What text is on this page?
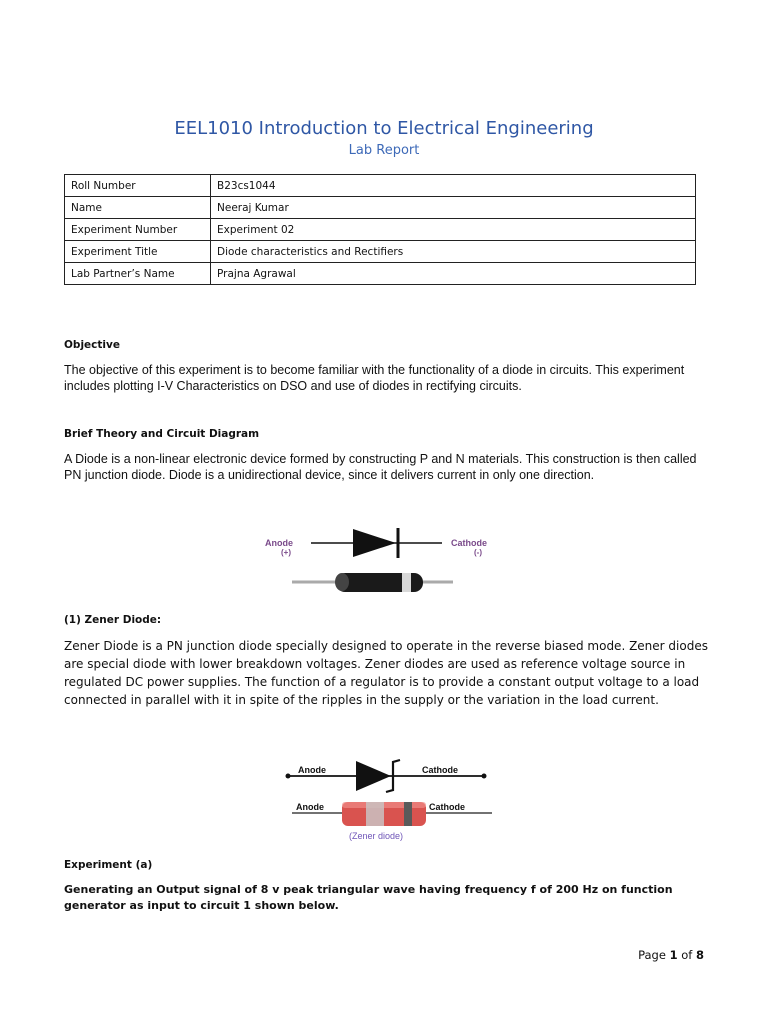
EEL1010 Introduction to Electrical Engineering
Lab Report
Roll Number	B23cs1044
Name	Neeraj Kumar
Experiment Number	Experiment 02
Experiment Title	Diode characteristics and Rectifiers
Lab Partner’s Name	Prajna Agrawal
Objective
The objective of this experiment is to become familiar with the functionality of a diode in circuits. This experiment includes plotting I-V Characteristics on DSO and use of diodes in rectifying circuits.
Brief Theory and Circuit Diagram
A Diode is a non-linear electronic device formed by constructing P and N materials. This construction is then called PN junction diode. Diode is a unidirectional device, since it delivers current in only one direction.
Anode
(+)
Cathode
(-)
(1) Zener Diode:
Zener Diode is a PN junction diode specially designed to operate in the reverse biased mode. Zener diodes are special diode with lower breakdown voltages. Zener diodes are used as reference voltage source in regulated DC power supplies. The function of a regulator is to provide a constant output voltage to a load connected in parallel with it in spite of the ripples in the supply or the variation in the load current.
Anode	Cathode
Anode	Cathode
(Zener diode)
Experiment (a)
Generating an Output signal of 8 v peak triangular wave having frequency f of 200 Hz on function generator as input to circuit 1 shown below.
Page 1 of 8
